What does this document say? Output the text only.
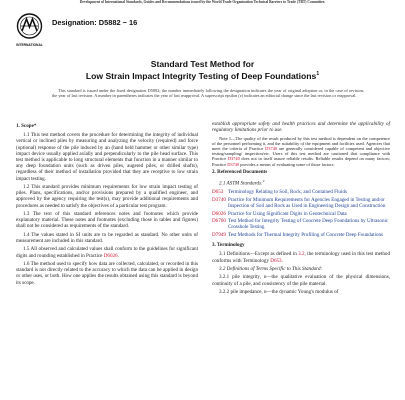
Development of International Standards, Guides and Recommendations issued by the World Trade Organization Technical Barriers to Trade (TBT) Committee.
INTERNATIONAL
Designation: D5882 − 16
Standard Test Method for
Low Strain Impact Integrity Testing of Deep Foundations$^1$
This standard is issued under the fixed designation D5882; the number immediately following the designation indicates the year of original adoption or, in the case of revision, the year of last revision. A number in parentheses indicates the year of last reapproval. A superscript epsilon (ε) indicates an editorial change since the last revision or reapproval.

1. Scope*

1.1 This test method covers the procedure for determining the integrity of individual vertical or inclined piles by measuring and analyzing the velocity (required) and force (optional) response of the pile induced by an (hand held hammer or other similar type) impact device usually applied axially and perpendicularly to the pile head surface. This test method is applicable to long structural elements that function in a manner similar to any deep foundation units (such as driven piles, augered piles, or drilled shafts), regardless of their method of installation provided that they are receptive to low strain impact testing.

1.2 This standard provides minimum requirements for low strain impact testing of piles. Plans, specifications, and/or provisions prepared by a qualified engineer, and approved by the agency requiring the test(s), may provide additional requirements and procedures as needed to satisfy the objectives of a particular test program.

1.3 The text of this standard references notes and footnotes which provide explanatory material. These notes and footnotes (excluding those in tables and figures) shall not be considered as requirements of the standard.

1.4 The values stated in SI units are to be regarded as standard. No other units of measurement are included in this standard.

1.5 All observed and calculated values shall conform to the guidelines for significant digits and rounding established in Practice D6026.

1.6 The method used to specify how data are collected, calculated, or recorded in this standard is not directly related to the accuracy to which the data can be applied in design or other uses, or both. How one applies the results obtained using this standard is beyond its scope.

establish appropriate safety and health practices and determine the applicability of regulatory limitations prior to use.

Note 1—The quality of the result produced by this test method is dependent on the competence of the personnel performing it, and the suitability of the equipment and facilities used. Agencies that meet the criteria of Practice D3740 are generally considered capable of competent and objective testing/sampling/ inspection/etc. Users of this test method are cautioned that compliance with Practice D3740 does not in itself assure reliable results. Reliable results depend on many factors; Practice D3740 provides a means of evaluating some of those factors.

2. Referenced Documents

2.1 ASTM Standards:$^2$
D653 Terminology Relating to Soil, Rock, and Contained Fluids
D3740 Practice for Minimum Requirements for Agencies Engaged in Testing and/or Inspection of Soil and Rock as Used in Engineering Design and Construction
D6026 Practice for Using Significant Digits in Geotechnical Data
D6760 Test Method for Integrity Testing of Concrete Deep Foundations by Ultrasonic Crosshole Testing
D7949 Test Methods for Thermal Integrity Profiling of Concrete Deep Foundations

3. Terminology

3.1 Definitions—Except as defined in 3.2, the terminology used in this test method conforms with Terminology D653.

3.2 Definitions of Terms Specific to This Standard:

3.2.1 pile integrity, n—the qualitative evaluation of the physical dimensions, continuity of a pile, and consistency of the pile material.

3.2.2 pile impedance, n—the dynamic Young's modulus of
